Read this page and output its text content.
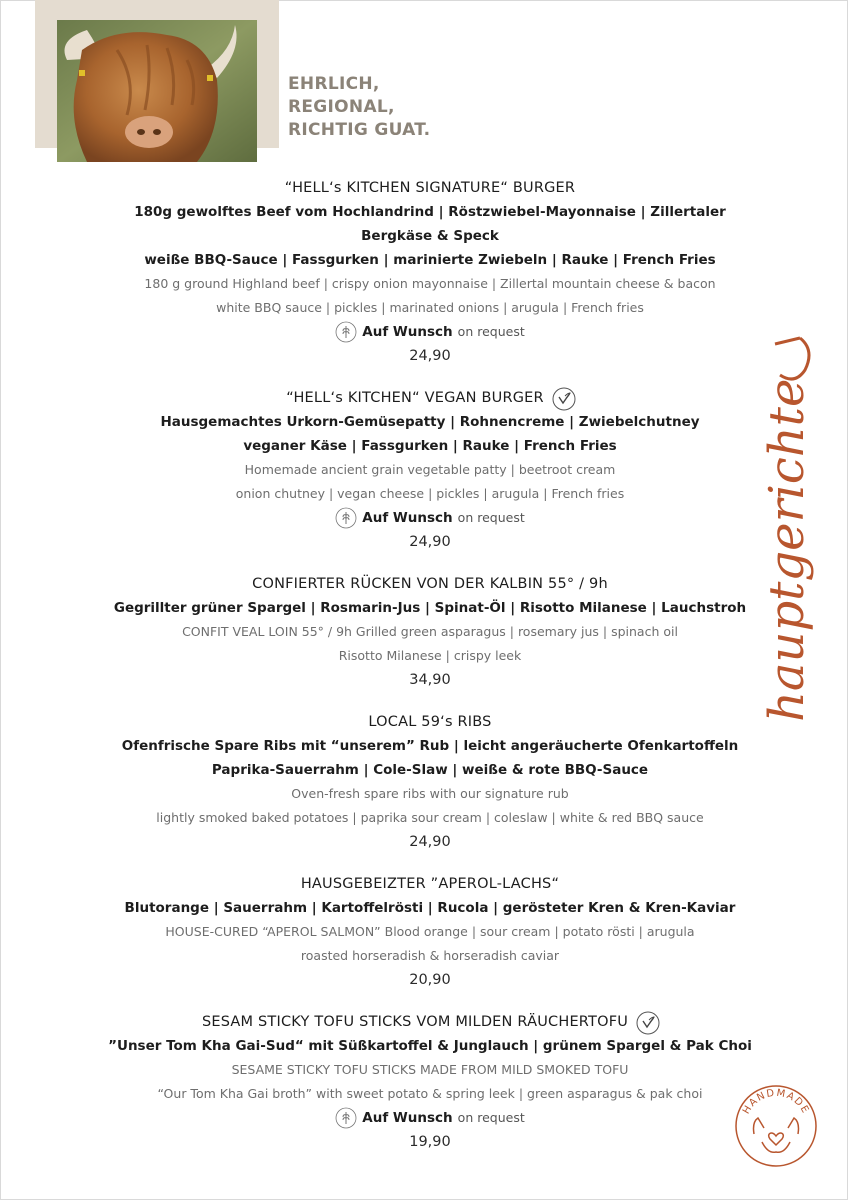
EHRLICH,
REGIONAL,
RICHTIG GUAT.
“HELL‘s KITCHEN SIGNATURE“ BURGER
180g gewolftes Beef vom Hochlandrind | Röstzwiebel-Mayonnaise | Zillertaler Bergkäse & Speck
weiße BBQ-Sauce | Fassgurken | marinierte Zwiebeln | Rauke | French Fries
180 g ground Highland beef | crispy onion mayonnaise | Zillertal mountain cheese & bacon
white BBQ sauce | pickles | marinated onions | arugula | French fries
Auf Wunsch on request
24,90
“HELL‘s KITCHEN“ VEGAN BURGER
Hausgemachtes Urkorn-Gemüsepatty | Rohnencreme | Zwiebelchutney
veganer Käse | Fassgurken | Rauke | French Fries
Homemade ancient grain vegetable patty | beetroot cream
onion chutney | vegan cheese | pickles | arugula | French fries
Auf Wunsch on request
24,90
CONFIERTER RÜCKEN VON DER KALBIN 55° / 9h
Gegrillter grüner Spargel | Rosmarin-Jus | Spinat-Öl | Risotto Milanese | Lauchstroh
CONFIT VEAL LOIN 55° / 9h Grilled green asparagus | rosemary jus | spinach oil
Risotto Milanese | crispy leek
34,90
LOCAL 59‘s RIBS
Ofenfrische Spare Ribs mit “unserem” Rub | leicht angeräucherte Ofenkartoffeln
Paprika-Sauerrahm | Cole-Slaw | weiße & rote BBQ-Sauce
Oven-fresh spare ribs with our signature rub
lightly smoked baked potatoes | paprika sour cream | coleslaw | white & red BBQ sauce
24,90
HAUSGEBEIZTER ”APEROL-LACHS“
Blutorange | Sauerrahm | Kartoffelrösti | Rucola | gerösteter Kren & Kren-Kaviar
HOUSE-CURED “APEROL SALMON” Blood orange | sour cream | potato rösti | arugula
roasted horseradish & horseradish caviar
20,90
SESAM STICKY TOFU STICKS VOM MILDEN RÄUCHERTOFU
”Unser Tom Kha Gai-Sud“ mit Süßkartoffel & Junglauch | grünem Spargel & Pak Choi
SESAME STICKY TOFU STICKS MADE FROM MILD SMOKED TOFU
“Our Tom Kha Gai broth” with sweet potato & spring leek | green asparagus & pak choi
Auf Wunsch on request
19,90
hauptgerichte
HANDMADE
